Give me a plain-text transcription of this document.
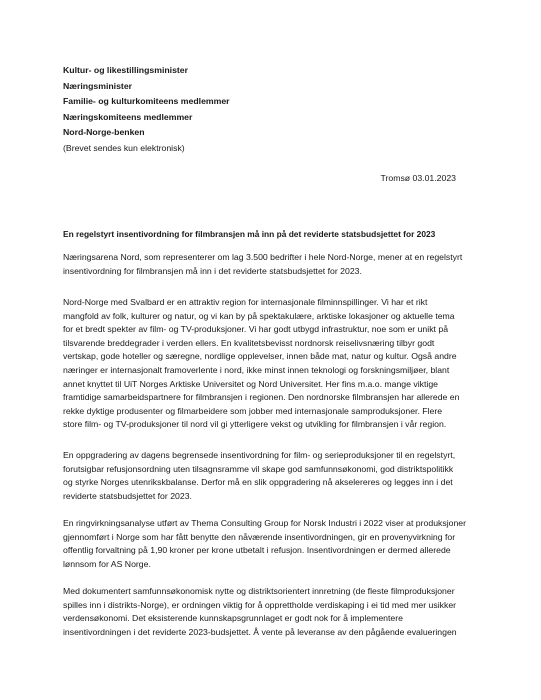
Kultur- og likestillingsminister
Næringsminister
Familie- og kulturkomiteens medlemmer
Næringskomiteens medlemmer
Nord-Norge-benken
(Brevet sendes kun elektronisk)
Tromsø 03.01.2023
En regelstyrt insentivordning for filmbransjen må inn på det reviderte statsbudsjettet for 2023
Næringsarena Nord, som representerer om lag 3.500 bedrifter i hele Nord-Norge, mener at en regelstyrt
insentivordning for filmbransjen må inn i det reviderte statsbudsjettet for 2023.
Nord-Norge med Svalbard er en attraktiv region for internasjonale filminnspillinger. Vi har et rikt
mangfold av folk, kulturer og natur, og vi kan by på spektakulære, arktiske lokasjoner og aktuelle tema
for et bredt spekter av film- og TV-produksjoner. Vi har godt utbygd infrastruktur, noe som er unikt på
tilsvarende breddegrader i verden ellers. En kvalitetsbevisst nordnorsk reiselivsnæring tilbyr godt
vertskap, gode hoteller og særegne, nordlige opplevelser, innen både mat, natur og kultur. Også andre
næringer er internasjonalt framoverlente i nord, ikke minst innen teknologi og forskningsmiljøer, blant
annet knyttet til UiT Norges Arktiske Universitet og Nord Universitet. Her fins m.a.o. mange viktige
framtidige samarbeidspartnere for filmbransjen i regionen. Den nordnorske filmbransjen har allerede en
rekke dyktige produsenter og filmarbeidere som jobber med internasjonale samproduksjoner. Flere
store film- og TV-produksjoner til nord vil gi ytterligere vekst og utvikling for filmbransjen i vår region.
En oppgradering av dagens begrensede insentivordning for film- og serieproduksjoner til en regelstyrt,
forutsigbar refusjonsordning uten tilsagnsramme vil skape god samfunnsøkonomi, god distriktspolitikk
og styrke Norges utenrikskbalanse. Derfor må en slik oppgradering nå akselereres og legges inn i det
reviderte statsbudsjettet for 2023.
En ringvirkningsanalyse utført av Thema Consulting Group for Norsk Industri i 2022 viser at produksjoner
gjennomført i Norge som har fått benytte den nåværende insentivordningen, gir en provenyvirkning for
offentlig forvaltning på 1,90 kroner per krone utbetalt i refusjon. Insentivordningen er dermed allerede
lønnsom for AS Norge.
Med dokumentert samfunnsøkonomisk nytte og distriktsorientert innretning (de fleste filmproduksjoner
spilles inn i distrikts-Norge), er ordningen viktig for å opprettholde verdiskaping i ei tid med mer usikker
verdensøkonomi. Det eksisterende kunnskapsgrunnlaget er godt nok for å implementere
insentivordningen i det reviderte 2023-budsjettet. Å vente på leveranse av den pågående evalueringen
